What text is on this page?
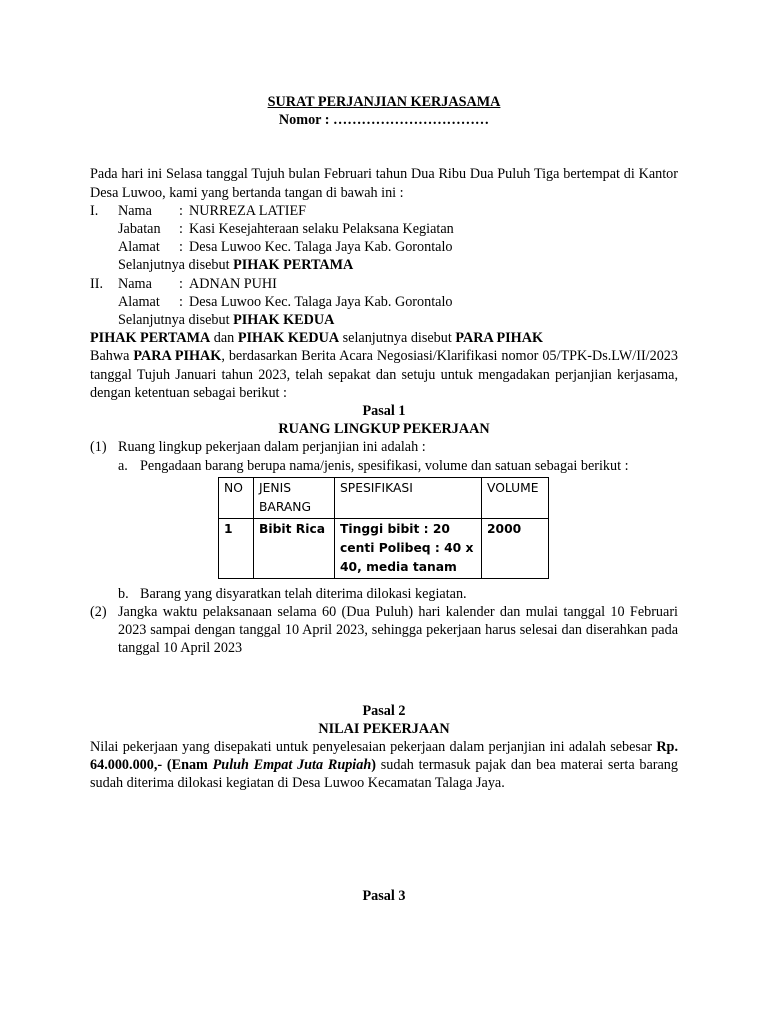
SURAT PERJANJIAN KERJASAMA
Nomor : ……………………………
Pada hari ini Selasa tanggal Tujuh bulan Februari tahun Dua Ribu Dua Puluh Tiga bertempat di Kantor Desa Luwoo, kami yang bertanda tangan di bawah ini :
I.	Nama	: NURREZA LATIEF
Jabatan	: Kasi Kesejahteraan selaku Pelaksana Kegiatan
Alamat	: Desa Luwoo Kec. Talaga Jaya Kab. Gorontalo
Selanjutnya disebut PIHAK PERTAMA
II.	Nama	: ADNAN PUHI
Alamat	: Desa Luwoo Kec. Talaga Jaya Kab. Gorontalo
Selanjutnya disebut PIHAK KEDUA
PIHAK PERTAMA dan PIHAK KEDUA selanjutnya disebut PARA PIHAK
Bahwa PARA PIHAK, berdasarkan Berita Acara Negosiasi/Klarifikasi nomor 05/TPK-Ds.LW/II/2023 tanggal Tujuh Januari tahun 2023, telah sepakat dan setuju untuk mengadakan perjanjian kerjasama, dengan ketentuan sebagai berikut :
Pasal 1
RUANG LINGKUP PEKERJAAN
(1) Ruang lingkup pekerjaan dalam perjanjian ini adalah :
a. Pengadaan barang berupa nama/jenis, spesifikasi, volume dan satuan sebagai berikut :
NO	JENIS BARANG	SPESIFIKASI	VOLUME
1	Bibit Rica	Tinggi bibit : 20 centi Polibeq : 40 x 40, media tanam	2000
b. Barang yang disyaratkan telah diterima dilokasi kegiatan.
(2) Jangka waktu pelaksanaan selama 60 (Dua Puluh) hari kalender dan mulai tanggal 10 Februari 2023 sampai dengan tanggal 10 April 2023, sehingga pekerjaan harus selesai dan diserahkan pada tanggal 10 April 2023
Pasal 2
NILAI PEKERJAAN
Nilai pekerjaan yang disepakati untuk penyelesaian pekerjaan dalam perjanjian ini adalah sebesar Rp. 64.000.000,- (Enam Puluh Empat Juta Rupiah) sudah termasuk pajak dan bea materai serta barang sudah diterima dilokasi kegiatan di Desa Luwoo Kecamatan Talaga Jaya.
Pasal 3
